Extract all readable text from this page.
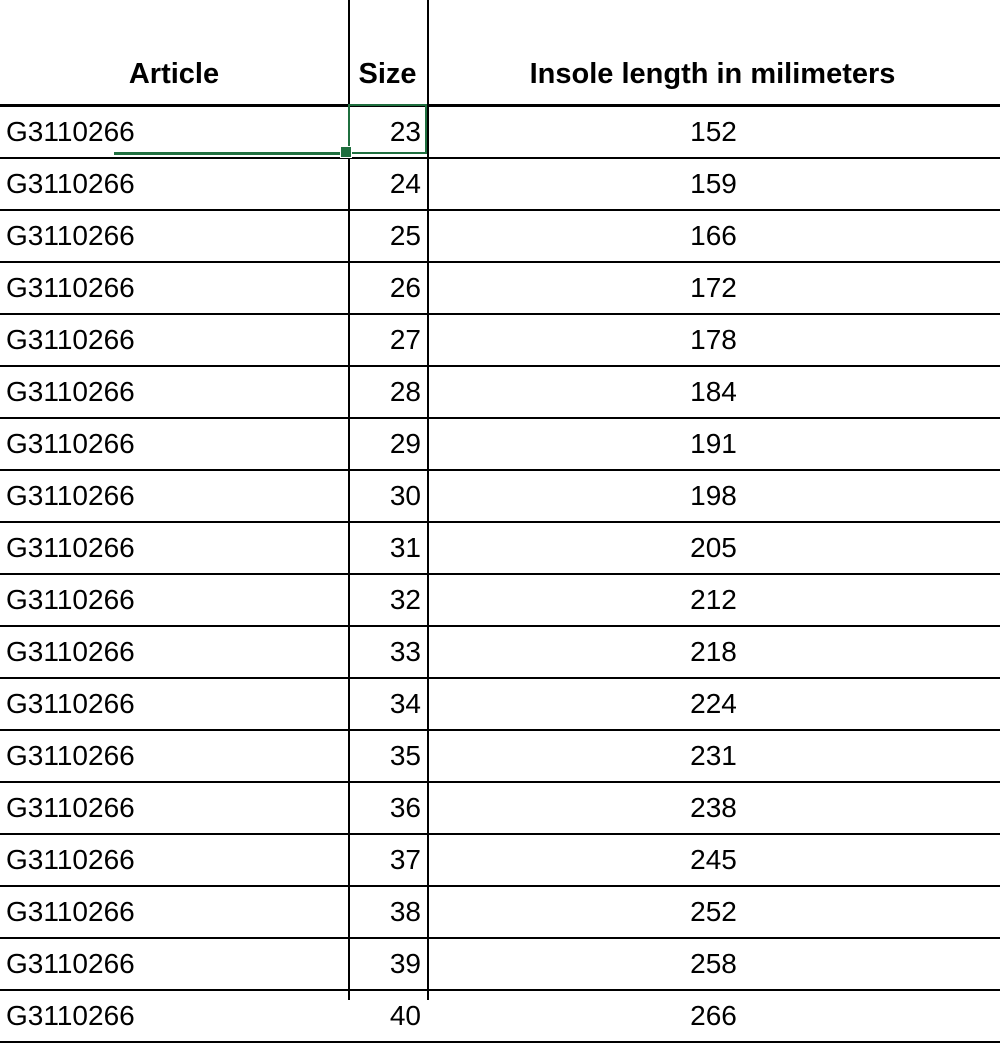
Article	Size	Insole length in milimeters
G3110266	23	152
G3110266	24	159
G3110266	25	166
G3110266	26	172
G3110266	27	178
G3110266	28	184
G3110266	29	191
G3110266	30	198
G3110266	31	205
G3110266	32	212
G3110266	33	218
G3110266	34	224
G3110266	35	231
G3110266	36	238
G3110266	37	245
G3110266	38	252
G3110266	39	258
G3110266	40	266
